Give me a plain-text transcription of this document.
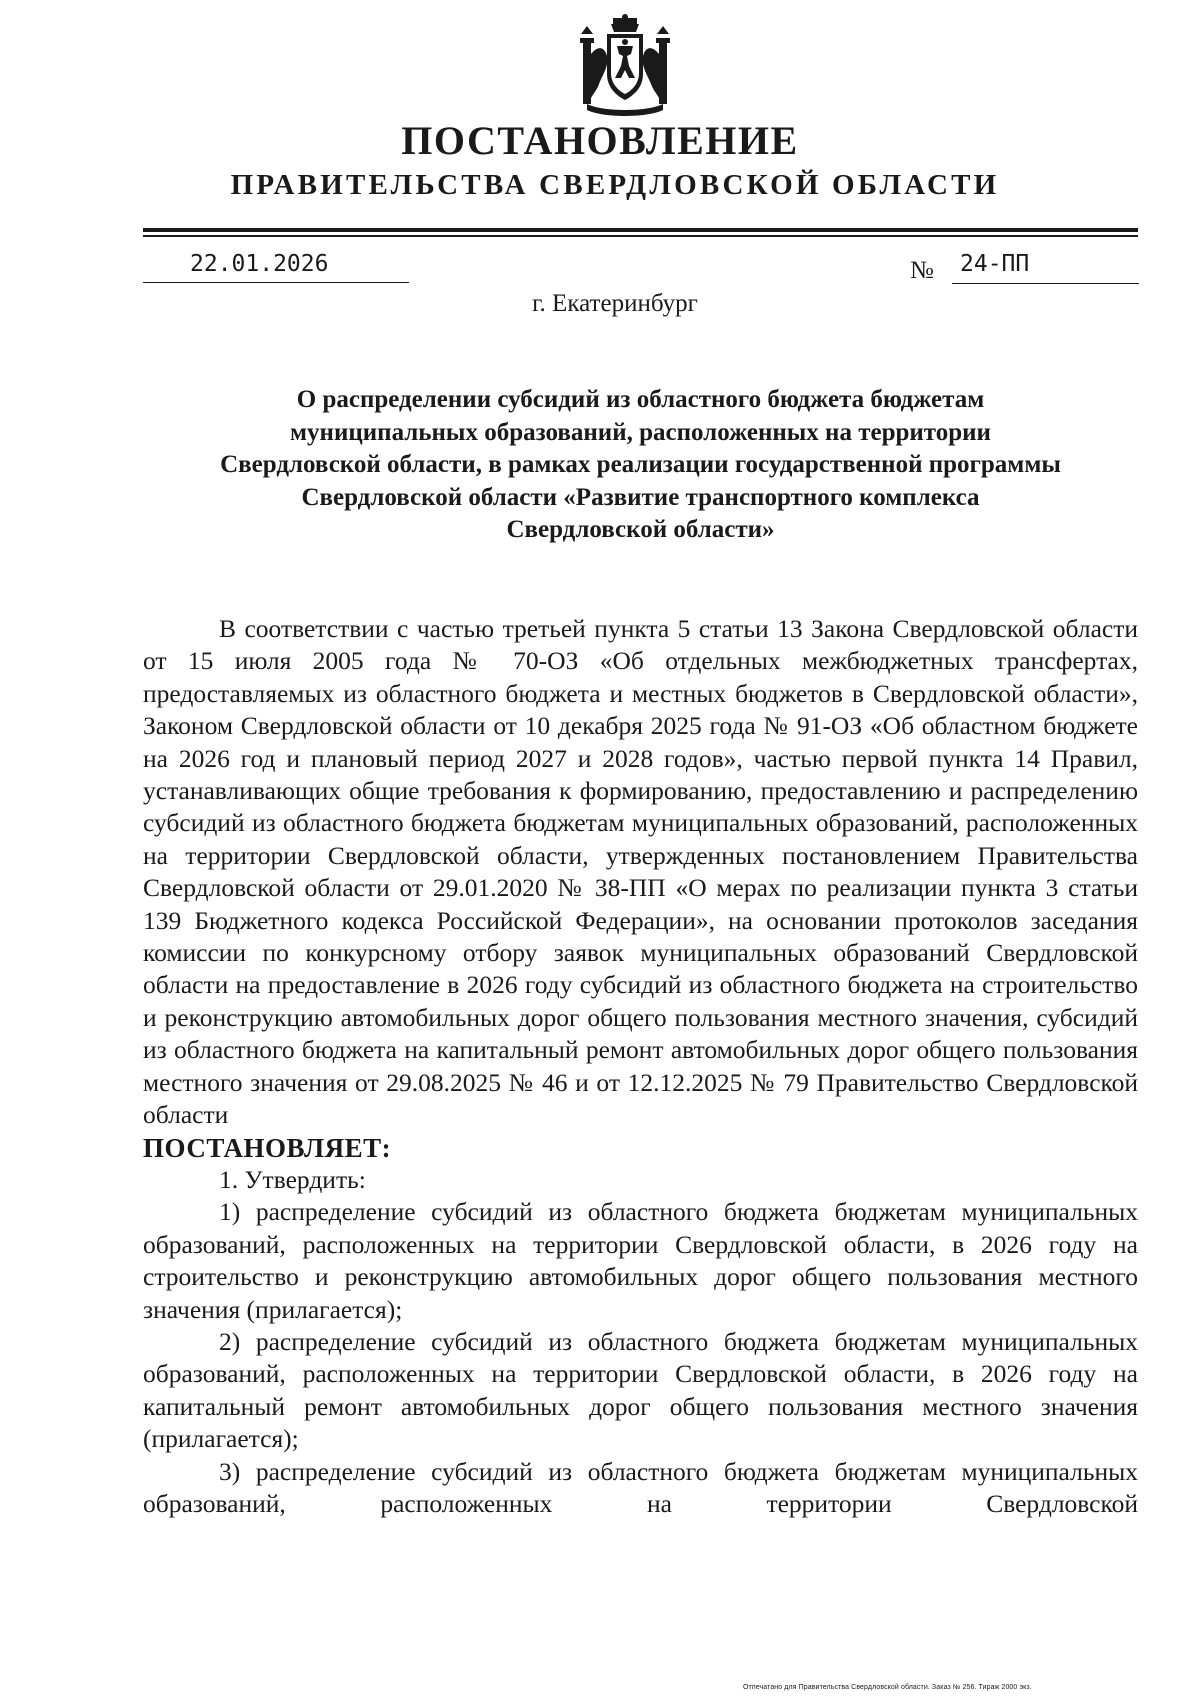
ПОСТАНОВЛЕНИЕ
ПРАВИТЕЛЬСТВА СВЕРДЛОВСКОЙ ОБЛАСТИ
22.01.2026	№ 24-ПП
г. Екатеринбург
О распределении субсидий из областного бюджета бюджетам
муниципальных образований, расположенных на территории
Свердловской области, в рамках реализации государственной программы
Свердловской области «Развитие транспортного комплекса
Свердловской области»

В соответствии с частью третьей пункта 5 статьи 13 Закона Свердловской области от 15 июля 2005 года № 70-ОЗ «Об отдельных межбюджетных трансфертах, предоставляемых из областного бюджета и местных бюджетов в Свердловской области», Законом Свердловской области от 10 декабря 2025 года № 91-ОЗ «Об областном бюджете на 2026 год и плановый период 2027 и 2028 годов», частью первой пункта 14 Правил, устанавливающих общие требования к формированию, предоставлению и распределению субсидий из областного бюджета бюджетам муниципальных образований, расположенных на территории Свердловской области, утвержденных постановлением Правительства Свердловской области от 29.01.2020 № 38-ПП «О мерах по реализации пункта 3 статьи 139 Бюджетного кодекса Российской Федерации», на основании протоколов заседания комиссии по конкурсному отбору заявок муниципальных образований Свердловской области на предоставление в 2026 году субсидий из областного бюджета на строительство и реконструкцию автомобильных дорог общего пользования местного значения, субсидий из областного бюджета на капитальный ремонт автомобильных дорог общего пользования местного значения от 29.08.2025 № 46 и от 12.12.2025 № 79 Правительство Свердловской области

ПОСТАНОВЛЯЕТ:

1. Утвердить:

1) распределение субсидий из областного бюджета бюджетам муниципальных образований, расположенных на территории Свердловской области, в 2026 году на строительство и реконструкцию автомобильных дорог общего пользования местного значения (прилагается);

2) распределение субсидий из областного бюджета бюджетам муниципальных образований, расположенных на территории Свердловской области, в 2026 году на капитальный ремонт автомобильных дорог общего пользования местного значения (прилагается);

3) распределение субсидий из областного бюджета бюджетам муниципальных образований, расположенных на территории Свердловской

Отпечатано для Правительства Свердловской области. Заказ № 256. Тираж 2000 экз.
